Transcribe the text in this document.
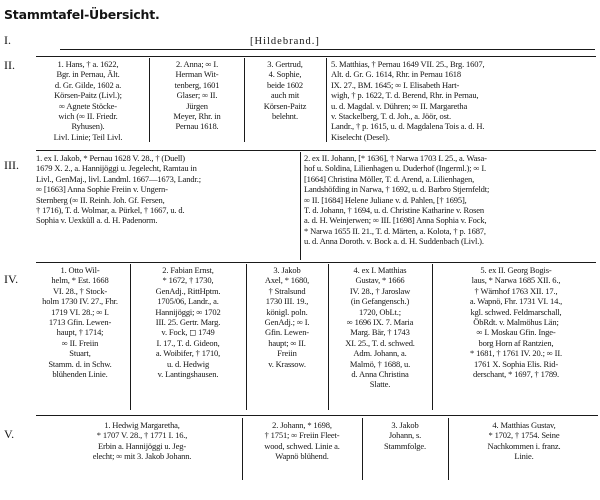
Stammtafel-Übersicht.
I.
II.
III.
IV.
V.
[Hildebrand.]
1. Hans, † a. 1622,
Bgr. in Pernau, Ält.
d. Gr. Gilde, 1602 a.
Körsen-Paitz (Livl.);
∞ Agnete Stöcke-
wich (∞ II. Friedr.
Ryhusen).
Livl. Linie; Teil Livl.
2. Anna; ∞ I.
Herman Wit-
tenberg, 1601
Glaser; ∞ II.
Jürgen
Meyer, Rhr. in
Pernau 1618.
3. Gertrud,
4. Sophie,
beide 1602
auch mit
Körsen-Paitz
belehnt.
5. Matthias, † Pernau 1649 VII. 25., Brg. 1607,
Alt. d. Gr. G. 1614, Rhr. in Pernau 1618
IX. 27., BM. 1645; ∞ I. Elisabeth Hart-
wigh, † p. 1622, T. d. Berend, Rhr. in Pernau,
u. d. Magdal. v. Dühren; ∞ II. Margaretha
v. Stackelberg, T. d. Joh., a. Jöör, ost.
Landr., † p. 1615, u. d. Magdalena Tois a. d. H.
Kiselecht (Desel).
1. ex I. Jakob, * Pernau 1628 V. 28., † (Duell)
1679 X. 2., a. Hannijöggi u. Jegelecht, Ramtau in
Livl., GenMaj., livl. Landml. 1667—1673, Landr.;
∞ [1663] Anna Sophie Freiin v. Ungern-
Sternberg (∞ II. Reinh. Joh. Gf. Fersen,
† 1716), T. d. Wolmar, a. Pürkel, † 1667, u. d.
Sophia v. Uexküll a. d. H. Padenorm.
2. ex II. Johann, [* 1636], † Narwa 1703 I. 25., a. Wasa-
hof u. Soldina, Lilienhagen u. Duderhof (Ingerml.); ∞ I.
[1664] Christina Möller, T. d. Arend, a. Lilienhagen,
Landshöfding in Narwa, † 1692, u. d. Barbro Stjernfeldt;
∞ II. [1684] Helene Juliane v. d. Pahlen, [† 1695],
T. d. Johann, † 1694, u. d. Christine Katharine v. Rosen
a. d. H. Weinjerwen; ∞ III. [1698] Anna Sophia v. Fock,
* Narwa 1655 II. 21., T. d. Märten, a. Kolota, † p. 1687,
u. d. Anna Doroth. v. Bock a. d. H. Suddenbach (Livl.).
1. Otto Wil-
helm, * Est. 1668
VI. 28., † Stock-
holm 1730 IV. 27., Fhr.
1719 VI. 28.; ∞ I.
1713 Gfin. Lewen-
haupt, † 1714;
∞ II. Freiin
Stuart,
Stamm. d. in Schw.
blühenden Linie.
2. Fabian Ernst,
* 1672, † 1730,
GenAdj., RittHptm.
1705/06, Landr., a.
Hannijöggi; ∞ 1702
III. 25. Gertr. Marg.
v. Fock, ◻ 1749
I. 17., T. d. Gideon,
a. Woibifer, † 1710,
u. d. Hedwig
v. Lantingshausen.
3. Jakob
Axel, * 1680,
† Stralsund
1730 III. 19.,
königl. poln.
GenAdj.; ∞ I.
Gfin. Lewen-
haupt; ∞ II.
Freiin
v. Krassow.
4. ex I. Matthias
Gustav, * 1666
IV. 28., † Jaroslaw
(in Gefangensch.)
1720, ObLt.;
∞ 1696 IX. 7. Maria
Marg. Bär, † 1743
XI. 25., T. d. schwed.
Adm. Johann, a.
Malmö, † 1688, u.
d. Anna Christina
Slatte.
5. ex II. Georg Bogis-
laus, * Narwa 1685 XII. 6.,
† Wärnhof 1763 XII. 17.,
a. Wapnö, Fhr. 1731 VI. 14.,
kgl. schwed. Feldmarschall,
ÖbRdt. v. Malmöhus Län;
∞ I. Moskau Gfin. Inge-
borg Horn af Rantzien,
* 1681, † 1761 IV. 20.; ∞ II.
1761 X. Sophia Elis. Rid-
derschant, * 1697, † 1789.
1. Hedwig Margaretha,
* 1707 V. 28., † 1771 I. 16.,
Erbin a. Hannijöggi u. Jeg-
elecht; ∞ mit 3. Jakob Johann.
2. Johann, * 1698,
† 1751; ∞ Freiin Fleet-
wood, schwed. Linie a.
Wapnö blühend.
3. Jakob
Johann, s.
Stammfolge.
4. Matthias Gustav,
* 1702, † 1754. Seine
Nachkommen i. franz.
Linie.
